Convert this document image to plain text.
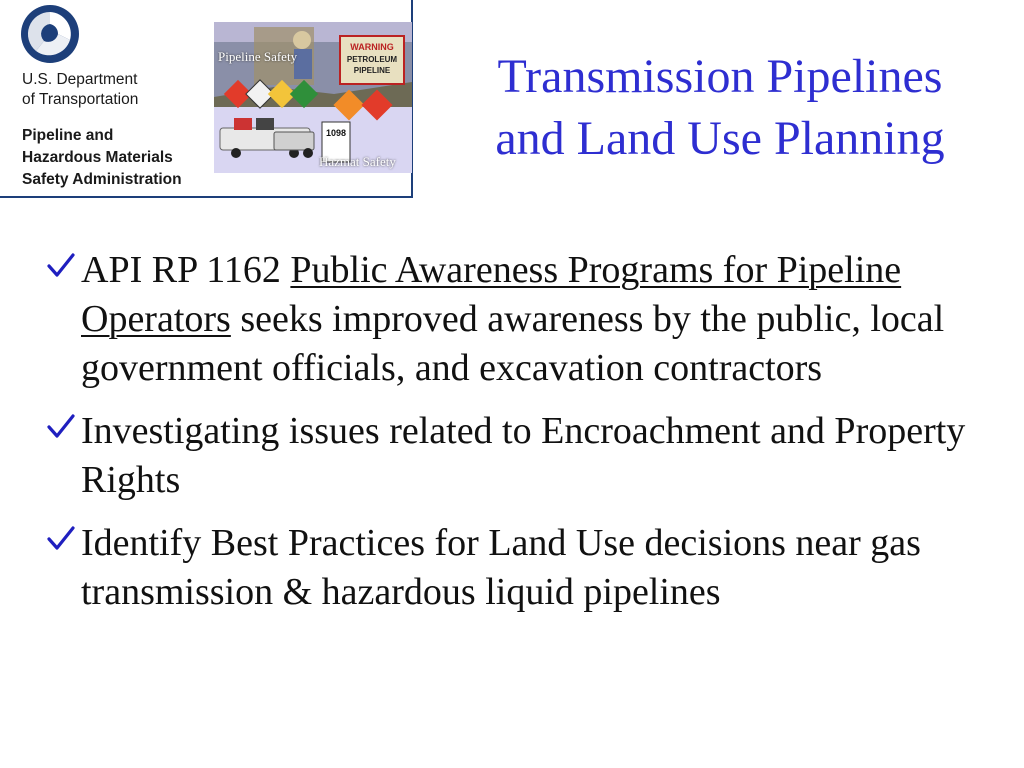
U.S. Department
of Transportation
Pipeline and
Hazardous Materials
Safety Administration
WARNING
PETROLEUM
PIPELINE
1098
Pipeline Safety
Hazmat Safety
Transmission Pipelines
and Land Use Planning
API RP 1162 Public Awareness Programs for Pipeline Operators seeks improved awareness by the public, local government officials, and excavation contractors
Investigating issues related to Encroachment and Property Rights
Identify Best Practices for Land Use decisions near gas transmission & hazardous liquid pipelines
